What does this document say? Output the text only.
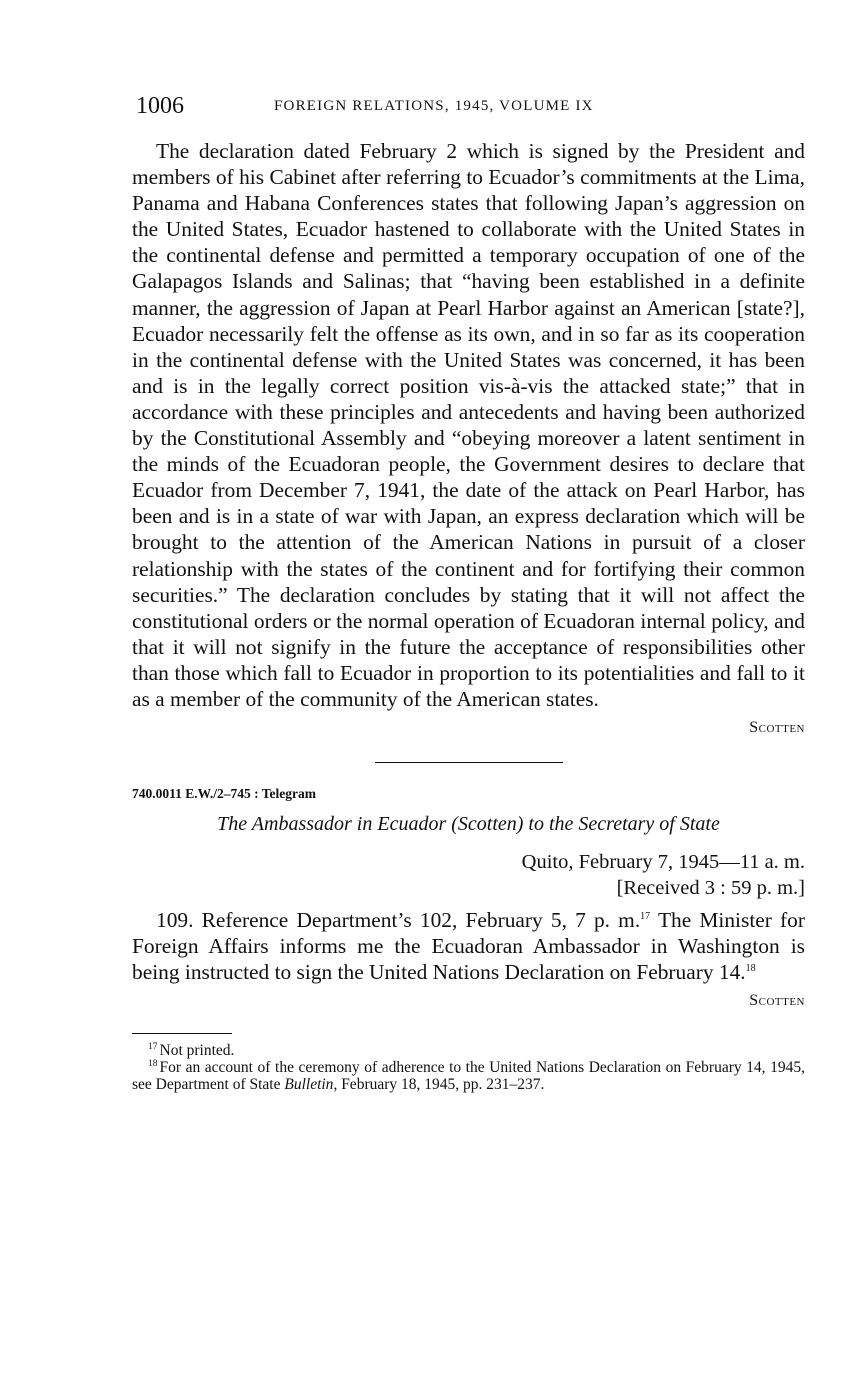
1006	FOREIGN RELATIONS, 1945, VOLUME IX

The declaration dated February 2 which is signed by the President and members of his Cabinet after referring to Ecuador’s commitments at the Lima, Panama and Habana Conferences states that following Japan’s aggression on the United States, Ecuador hastened to collaborate with the United States in the continental defense and permitted a temporary occupation of one of the Galapagos Islands and Salinas; that “having been established in a definite manner, the aggression of Japan at Pearl Harbor against an American [state?], Ecuador necessarily felt the offense as its own, and in so far as its cooperation in the continental defense with the United States was concerned, it has been and is in the legally correct position vis-à-vis the attacked state;” that in accordance with these principles and antecedents and having been authorized by the Constitutional Assembly and “obeying moreover a latent sentiment in the minds of the Ecuadoran people, the Government desires to declare that Ecuador from December 7, 1941, the date of the attack on Pearl Harbor, has been and is in a state of war with Japan, an express declaration which will be brought to the attention of the American Nations in pursuit of a closer relationship with the states of the continent and for fortifying their common securities.” The declaration concludes by stating that it will not affect the constitutional orders or the normal operation of Ecuadoran internal policy, and that it will not signify in the future the acceptance of responsibilities other than those which fall to Ecuador in proportion to its potentialities and fall to it as a member of the community of the American states.

Scotten
740.0011 E.W./2–745 : Telegram
The Ambassador in Ecuador (Scotten) to the Secretary of State
Quito, February 7, 1945—11 a. m.
[Received 3 : 59 p. m.]

109. Reference Department’s 102, February 5, 7 p. m.$^{17}$ The Minister for Foreign Affairs informs me the Ecuadoran Ambassador in Washington is being instructed to sign the United Nations Declaration on February 14.18

Scotten

$^{17}$ Not printed.

$^{18}$ For an account of the ceremony of adherence to the United Nations Declaration on February 14, 1945, see Department of State Bulletin, February 18, 1945, pp. 231–237.
